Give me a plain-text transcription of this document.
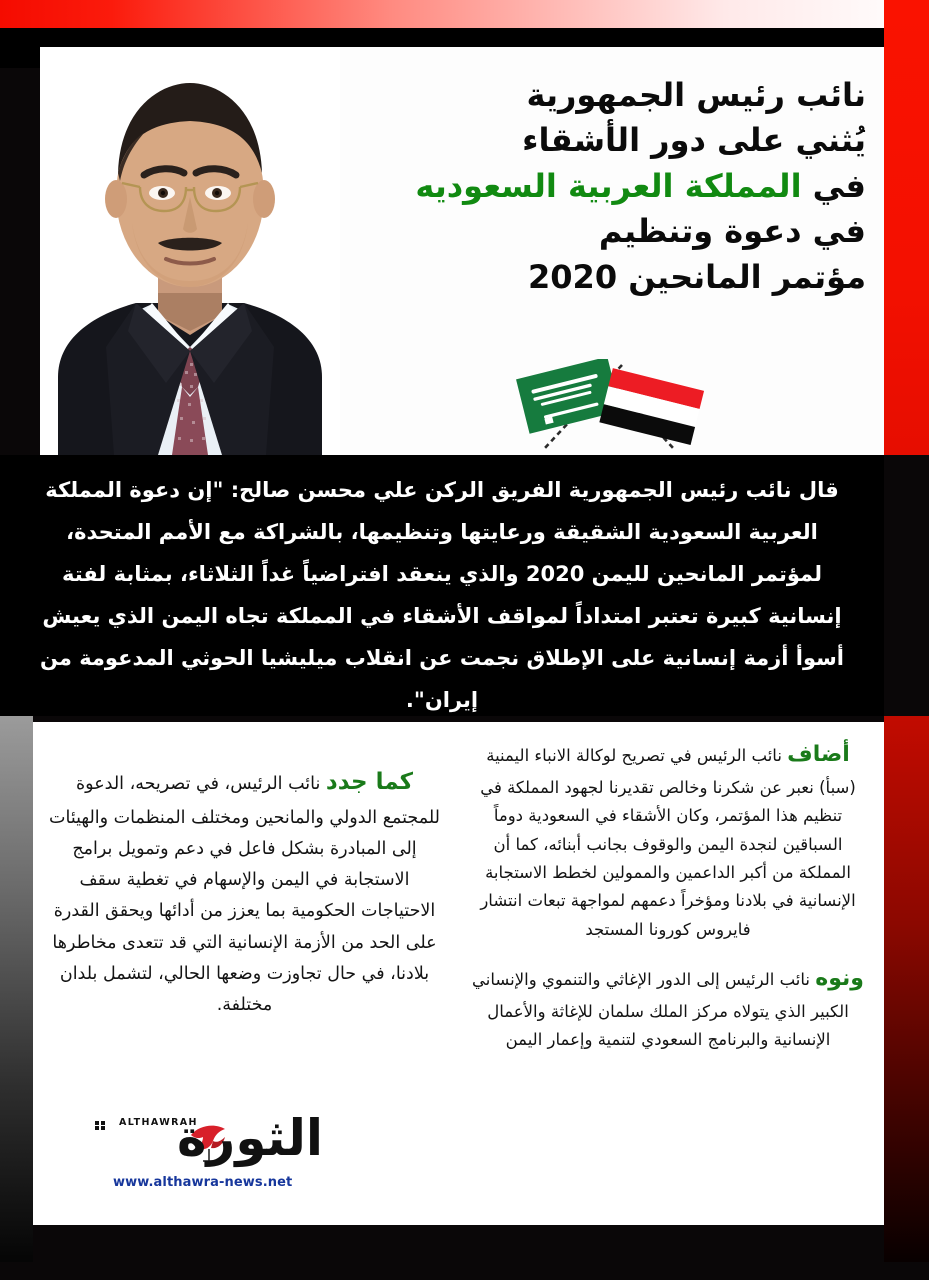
نائب رئيس الجمهورية
يُثني على دور الأشقاء
في المملكة العربية السعوديه
في دعوة وتنظيم
مؤتمر المانحين 2020
قال نائب رئيس الجمهورية الفريق الركن علي محسن صالح: "إن دعوة المملكة العربية السعودية الشقيقة ورعايتها وتنظيمها، بالشراكة مع الأمم المتحدة، لمؤتمر المانحين لليمن 2020 والذي ينعقد افتراضياً غداً الثلاثاء، بمثابة لفتة إنسانية كبيرة تعتبر امتداداً لمواقف الأشقاء في المملكة تجاه اليمن الذي يعيش أسوأ أزمة إنسانية على الإطلاق نجمت عن انقلاب ميليشيا الحوثي المدعومة من إيران".

أضاف نائب الرئيس في تصريح لوكالة الانباء اليمنية (سبأ) نعبر عن شكرنا وخالص تقديرنا لجهود المملكة في تنظيم هذا المؤتمر، وكان الأشقاء في السعودية دوماً السباقين لنجدة اليمن والوقوف بجانب أبنائه، كما أن المملكة من أكبر الداعمين والممولين لخطط الاستجابة الإنسانية في بلادنا ومؤخراً دعمهم لمواجهة تبعات انتشار فايروس كورونا المستجد

ونوه نائب الرئيس إلى الدور الإغاثي والتنموي والإنساني الكبير الذي يتولاه مركز الملك سلمان للإغاثة والأعمال الإنسانية والبرنامج السعودي لتنمية وإعمار اليمن

كما جدد نائب الرئيس، في تصريحه، الدعوة للمجتمع الدولي والمانحين ومختلف المنظمات والهيئات إلى المبادرة بشكل فاعل في دعم وتمويل برامج الاستجابة في اليمن والإسهام في تغطية سقف الاحتياجات الحكومية بما يعزز من أدائها ويحقق القدرة على الحد من الأزمة الإنسانية التي قد تتعدى مخاطرها بلادنا، في حال تجاوزت وضعها الحالي، لتشمل بلدان مختلفة.

ALTHAWRAH
الثورة
www.althawra-news.net
